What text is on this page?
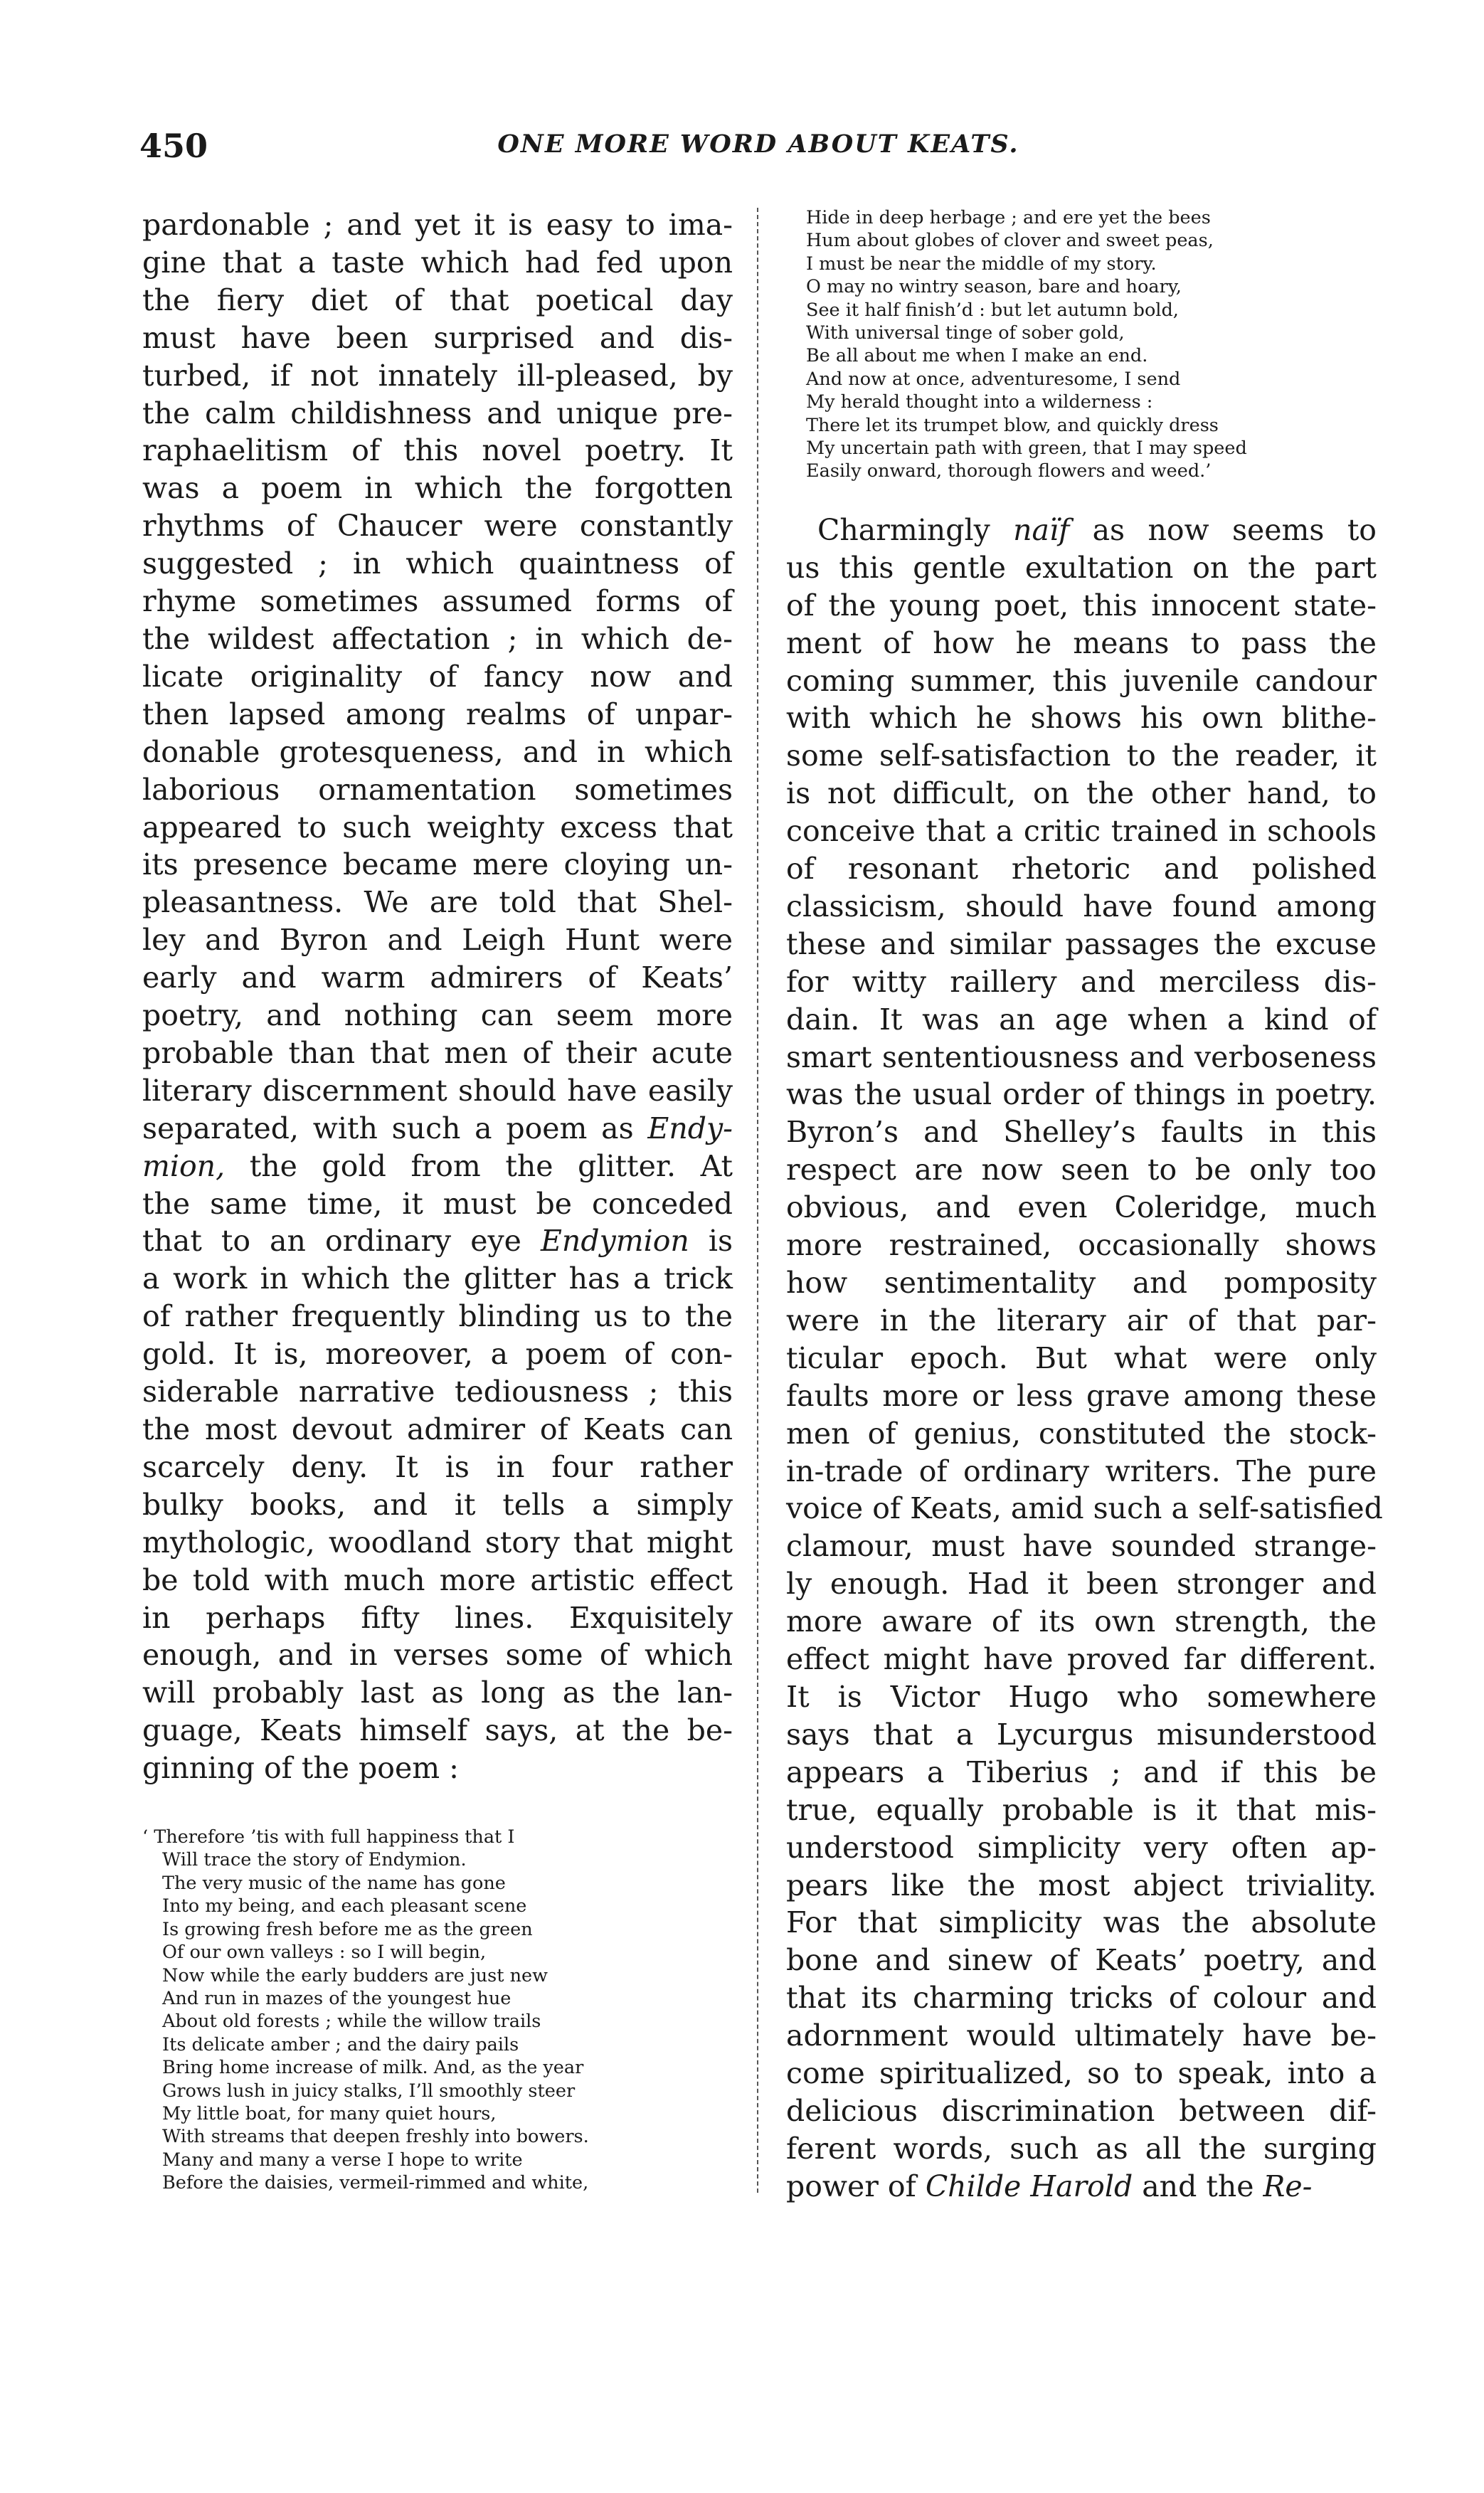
450	ONE MORE WORD ABOUT KEATS.
pardonable ; and yet it is easy to ima-
gine that a taste which had fed upon
the fiery diet of that poetical day
must have been surprised and dis-
turbed, if not innately ill-pleased, by
the calm childishness and unique pre-
raphaelitism of this novel poetry. It
was a poem in which the forgotten
rhythms of Chaucer were constantly
suggested ; in which quaintness of
rhyme sometimes assumed forms of
the wildest affectation ; in which de-
licate originality of fancy now and
then lapsed among realms of unpar-
donable grotesqueness, and in which
laborious ornamentation sometimes
appeared to such weighty excess that
its presence became mere cloying un-
pleasantness. We are told that Shel-
ley and Byron and Leigh Hunt were
early and warm admirers of Keats’
poetry, and nothing can seem more
probable than that men of their acute
literary discernment should have easily
separated, with such a poem as Endy-
mion, the gold from the glitter. At
the same time, it must be conceded
that to an ordinary eye Endymion is
a work in which the glitter has a trick
of rather frequently blinding us to the
gold. It is, moreover, a poem of con-
siderable narrative tediousness ; this
the most devout admirer of Keats can
scarcely deny. It is in four rather
bulky books, and it tells a simply
mythologic, woodland story that might
be told with much more artistic effect
in perhaps fifty lines. Exquisitely
enough, and in verses some of which
will probably last as long as the lan-
guage, Keats himself says, at the be-
ginning of the poem :
‘ Therefore ’tis with full happiness that I
Will trace the story of Endymion.
The very music of the name has gone
Into my being, and each pleasant scene
Is growing fresh before me as the green
Of our own valleys : so I will begin,
Now while the early budders are just new
And run in mazes of the youngest hue
About old forests ; while the willow trails
Its delicate amber ; and the dairy pails
Bring home increase of milk. And, as the year
Grows lush in juicy stalks, I’ll smoothly steer
My little boat, for many quiet hours,
With streams that deepen freshly into bowers.
Many and many a verse I hope to write
Before the daisies, vermeil-rimmed and white,
Hide in deep herbage ; and ere yet the bees
Hum about globes of clover and sweet peas,
I must be near the middle of my story.
O may no wintry season, bare and hoary,
See it half finish’d : but let autumn bold,
With universal tinge of sober gold,
Be all about me when I make an end.
And now at once, adventuresome, I send
My herald thought into a wilderness :
There let its trumpet blow, and quickly dress
My uncertain path with green, that I may speed
Easily onward, thorough flowers and weed.’
Charmingly naïf as now seems to
us this gentle exultation on the part
of the young poet, this innocent state-
ment of how he means to pass the
coming summer, this juvenile candour
with which he shows his own blithe-
some self-satisfaction to the reader, it
is not difficult, on the other hand, to
conceive that a critic trained in schools
of resonant rhetoric and polished
classicism, should have found among
these and similar passages the excuse
for witty raillery and merciless dis-
dain. It was an age when a kind of
smart sententiousness and verboseness
was the usual order of things in poetry.
Byron’s and Shelley’s faults in this
respect are now seen to be only too
obvious, and even Coleridge, much
more restrained, occasionally shows
how sentimentality and pomposity
were in the literary air of that par-
ticular epoch. But what were only
faults more or less grave among these
men of genius, constituted the stock-
in-trade of ordinary writers. The pure
voice of Keats, amid such a self-satisfied
clamour, must have sounded strange-
ly enough. Had it been stronger and
more aware of its own strength, the
effect might have proved far different.
It is Victor Hugo who somewhere
says that a Lycurgus misunderstood
appears a Tiberius ; and if this be
true, equally probable is it that mis-
understood simplicity very often ap-
pears like the most abject triviality.
For that simplicity was the absolute
bone and sinew of Keats’ poetry, and
that its charming tricks of colour and
adornment would ultimately have be-
come spiritualized, so to speak, into a
delicious discrimination between dif-
ferent words, such as all the surging
power of Childe Harold and the Re-
